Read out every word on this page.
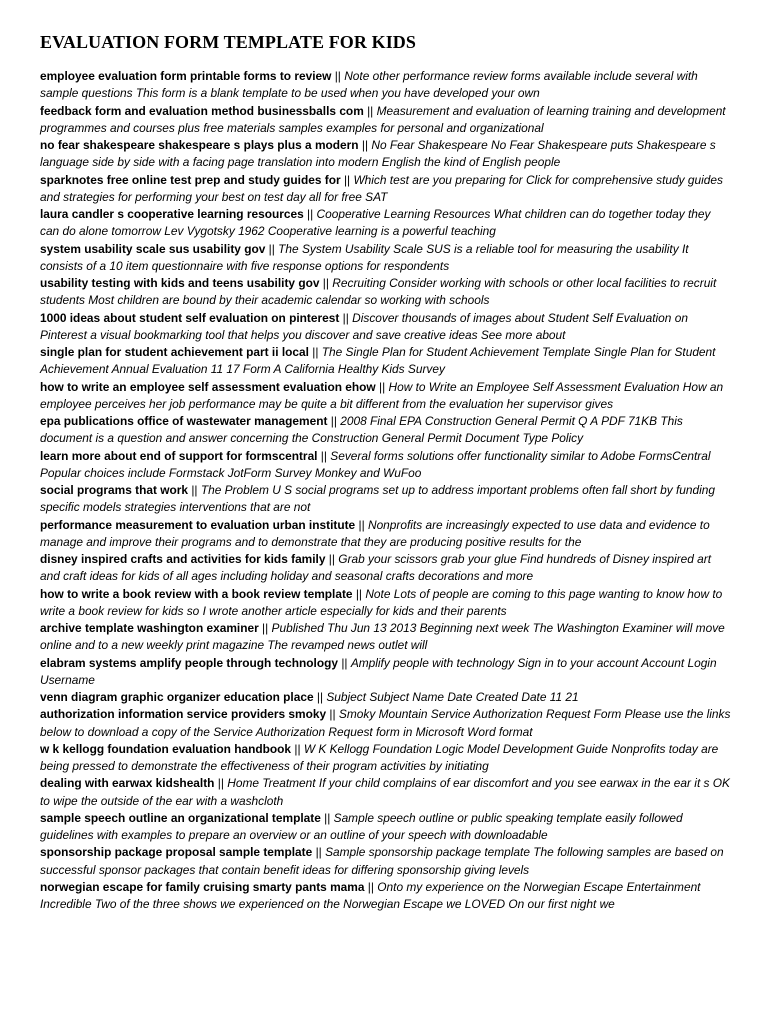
EVALUATION FORM TEMPLATE FOR KIDS

employee evaluation form printable forms to review || Note other performance review forms available include several with sample questions This form is a blank template to be used when you have developed your own

feedback form and evaluation method businessballs com || Measurement and evaluation of learning training and development programmes and courses plus free materials samples examples for personal and organizational

no fear shakespeare shakespeare s plays plus a modern || No Fear Shakespeare No Fear Shakespeare puts Shakespeare s language side by side with a facing page translation into modern English the kind of English people

sparknotes free online test prep and study guides for || Which test are you preparing for Click for comprehensive study guides and strategies for performing your best on test day all for free SAT

laura candler s cooperative learning resources || Cooperative Learning Resources What children can do together today they can do alone tomorrow Lev Vygotsky 1962 Cooperative learning is a powerful teaching

system usability scale sus usability gov || The System Usability Scale SUS is a reliable tool for measuring the usability It consists of a 10 item questionnaire with five response options for respondents

usability testing with kids and teens usability gov || Recruiting Consider working with schools or other local facilities to recruit students Most children are bound by their academic calendar so working with schools

1000 ideas about student self evaluation on pinterest || Discover thousands of images about Student Self Evaluation on Pinterest a visual bookmarking tool that helps you discover and save creative ideas See more about

single plan for student achievement part ii local || The Single Plan for Student Achievement Template Single Plan for Student Achievement Annual Evaluation 11 17 Form A California Healthy Kids Survey

how to write an employee self assessment evaluation ehow || How to Write an Employee Self Assessment Evaluation How an employee perceives her job performance may be quite a bit different from the evaluation her supervisor gives

epa publications office of wastewater management || 2008 Final EPA Construction General Permit Q A PDF 71KB This document is a question and answer concerning the Construction General Permit Document Type Policy

learn more about end of support for formscentral || Several forms solutions offer functionality similar to Adobe FormsCentral Popular choices include Formstack JotForm Survey Monkey and WuFoo

social programs that work || The Problem U S social programs set up to address important problems often fall short by funding specific models strategies interventions that are not

performance measurement to evaluation urban institute || Nonprofits are increasingly expected to use data and evidence to manage and improve their programs and to demonstrate that they are producing positive results for the

disney inspired crafts and activities for kids family || Grab your scissors grab your glue Find hundreds of Disney inspired art and craft ideas for kids of all ages including holiday and seasonal crafts decorations and more

how to write a book review with a book review template || Note Lots of people are coming to this page wanting to know how to write a book review for kids so I wrote another article especially for kids and their parents

archive template washington examiner || Published Thu Jun 13 2013 Beginning next week The Washington Examiner will move online and to a new weekly print magazine The revamped news outlet will

elabram systems amplify people through technology || Amplify people with technology Sign in to your account Account Login Username

venn diagram graphic organizer education place || Subject Subject Name Date Created Date 11 21

authorization information service providers smoky || Smoky Mountain Service Authorization Request Form Please use the links below to download a copy of the Service Authorization Request form in Microsoft Word format

w k kellogg foundation evaluation handbook || W K Kellogg Foundation Logic Model Development Guide Nonprofits today are being pressed to demonstrate the effectiveness of their program activities by initiating

dealing with earwax kidshealth || Home Treatment If your child complains of ear discomfort and you see earwax in the ear it s OK to wipe the outside of the ear with a washcloth

sample speech outline an organizational template || Sample speech outline or public speaking template easily followed guidelines with examples to prepare an overview or an outline of your speech with downloadable

sponsorship package proposal sample template || Sample sponsorship package template The following samples are based on successful sponsor packages that contain benefit ideas for differing sponsorship giving levels

norwegian escape for family cruising smarty pants mama || Onto my experience on the Norwegian Escape Entertainment Incredible Two of the three shows we experienced on the Norwegian Escape we LOVED On our first night we
